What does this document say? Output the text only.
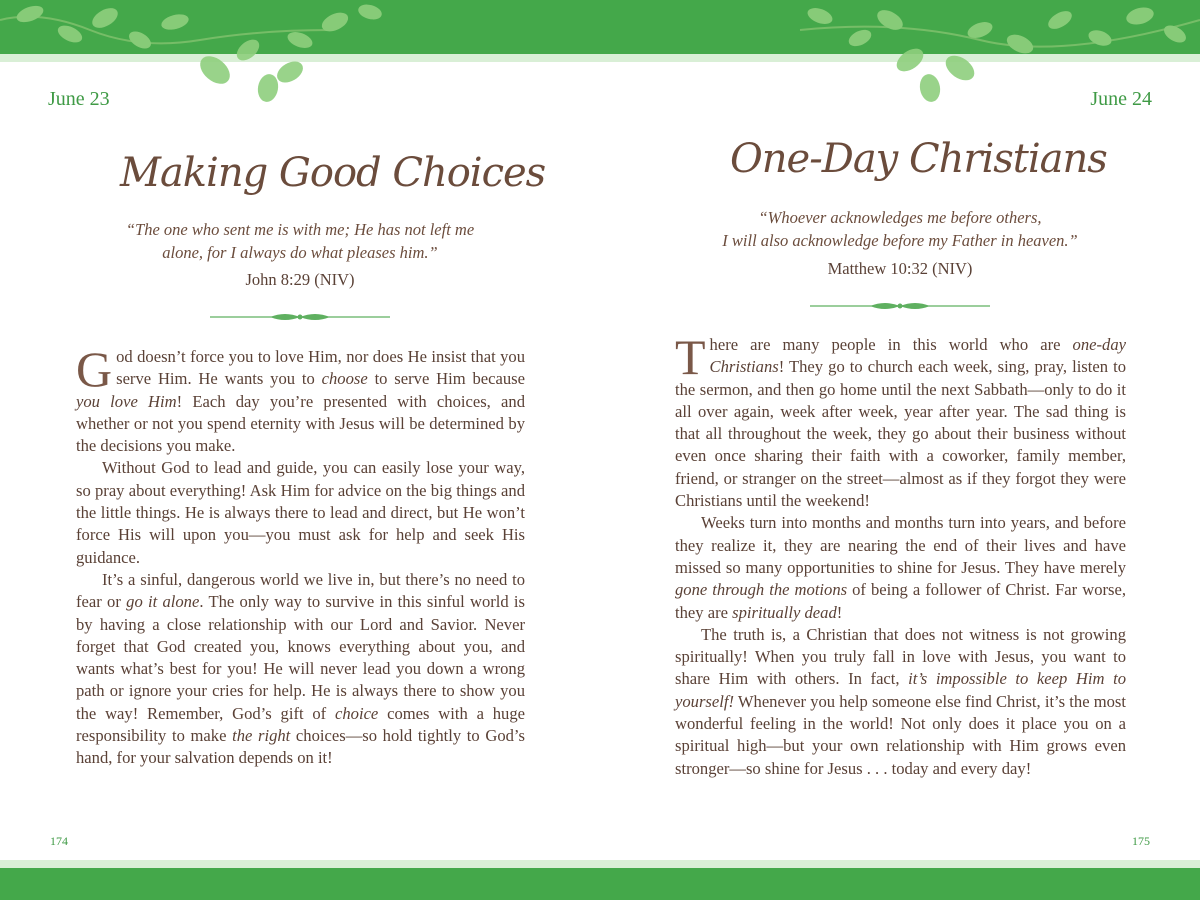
June 23
Making Good Choices
“The one who sent me is with me; He has not left me
alone, for I always do what pleases him.”
John 8:29 (NIV)

God doesn’t force you to love Him, nor does He insist that you serve Him. He wants you to choose to serve Him because you love Him! Each day you’re presented with choices, and whether or not you spend eternity with Jesus will be determined by the decisions you make.

Without God to lead and guide, you can easily lose your way, so pray about everything! Ask Him for advice on the big things and the little things. He is always there to lead and direct, but He won’t force His will upon you—you must ask for help and seek His guidance.

It’s a sinful, dangerous world we live in, but there’s no need to fear or go it alone. The only way to survive in this sinful world is by having a close relationship with our Lord and Savior. Never forget that God created you, knows everything about you, and wants what’s best for you! He will never lead you down a wrong path or ignore your cries for help. He is always there to show you the way! Remember, God’s gift of choice comes with a huge responsibility to make the right choices—so hold tightly to God’s hand, for your salvation depends on it!

174
June 24
One-Day Christians
“Whoever acknowledges me before others,
I will also acknowledge before my Father in heaven.”
Matthew 10:32 (NIV)

There are many people in this world who are one-day Christians! They go to church each week, sing, pray, listen to the sermon, and then go home until the next Sabbath—only to do it all over again, week after week, year after year. The sad thing is that all throughout the week, they go about their business without even once sharing their faith with a coworker, family member, friend, or stranger on the street—almost as if they forgot they were Christians until the weekend!

Weeks turn into months and months turn into years, and before they realize it, they are nearing the end of their lives and have missed so many opportunities to shine for Jesus. They have merely gone through the motions of being a follower of Christ. Far worse, they are spiritually dead!

The truth is, a Christian that does not witness is not growing spiritually! When you truly fall in love with Jesus, you want to share Him with others. In fact, it’s impossible to keep Him to yourself! Whenever you help someone else find Christ, it’s the most wonderful feeling in the world! Not only does it place you on a spiritual high—but your own relationship with Him grows even stronger—so shine for Jesus . . . today and every day!

175
